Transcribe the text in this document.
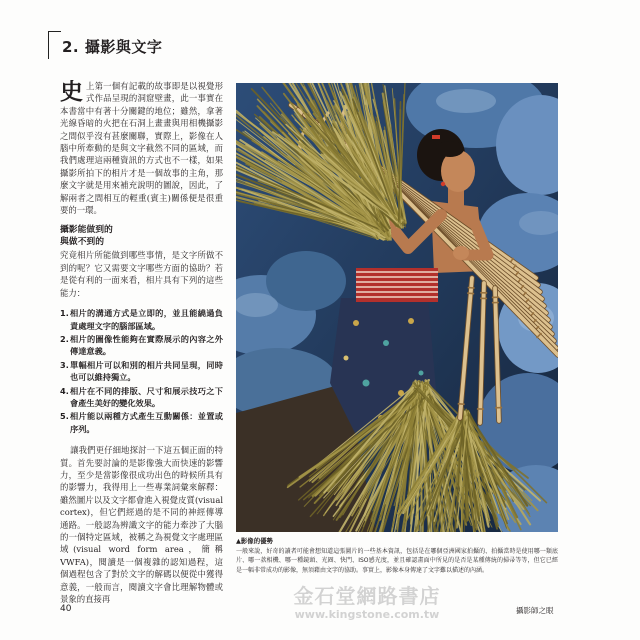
2. 攝影與文字

史上第一個有記載的故事即是以視覺形式作品呈現的洞窟壁畫，此一事實在本書當中有著十分關鍵的地位；雖然，拿著光線昏暗的火把在石洞上畫畫與用相機攝影之間似乎沒有甚麼關聯，實際上，影像在人腦中所牽動的是與文字截然不同的區域，而我們處理這兩種資訊的方式也不一樣，如果攝影所拍下的相片才是一個故事的主角，那麼文字就是用來補充說明的圖說，因此，了解兩者之間相互的輕重(賓主)關係便是很重要的一環。

攝影能做到的
與做不到的

究竟相片所能做到哪些事情，是文字所做不到的呢？它又需要文字哪些方面的協助？若是從有利的一面來看，相片具有下列的這些能力：

1. 相片的溝通方式是立即的，並且能繞過負責處理文字的腦部區域。
2. 相片的圖像性能夠在實際展示的內容之外傳達意義。
3. 單幅相片可以和別的相片共同呈現，同時也可以維持獨立。
4. 相片在不同的排版、尺寸和展示技巧之下會產生美好的變化效果。
5. 相片能以兩種方式產生互動關係：並置或序列。

讓我們更仔細地探討一下這五個正面的特質。首先要討論的是影像強大而快速的影響力，至少是當影像很成功出色的時候所具有的影響力，我得用上一些專業詞彙來解釋：雖然圖片以及文字都會進入視覺皮質(visual cortex)，但它們經過的是不同的神經傳導通路。一般認為辨識文字的能力牽涉了大腦的一個特定區域，被稱之為視覺文字處理區域(visual word form area，簡稱VWFA)，閱讀是一個複雜的認知過程，這個過程包含了對於文字的解碼以便從中獲得意義，一般而言，閱讀文字會比理解物體或景象的直接再

▲影像的優勢
一般來說，好奇的讀者可能會想知道這張圖片的一些基本資訊，包括是在哪個亞洲國家拍攝的、拍攝當時是使用哪一類底片、哪一款相機、哪一種鏡頭、光圈、快門、ISO感光度，並且確認畫面中所見的是否是某種傳統的掃帚等等，但它已經是一幅非常成功的影像，無須藉由文字的協助。事實上，影像本身傳達了文字難以描述的內涵。
金石堂網路書店
www.kingstone.com.tw
40	攝影師之眼
